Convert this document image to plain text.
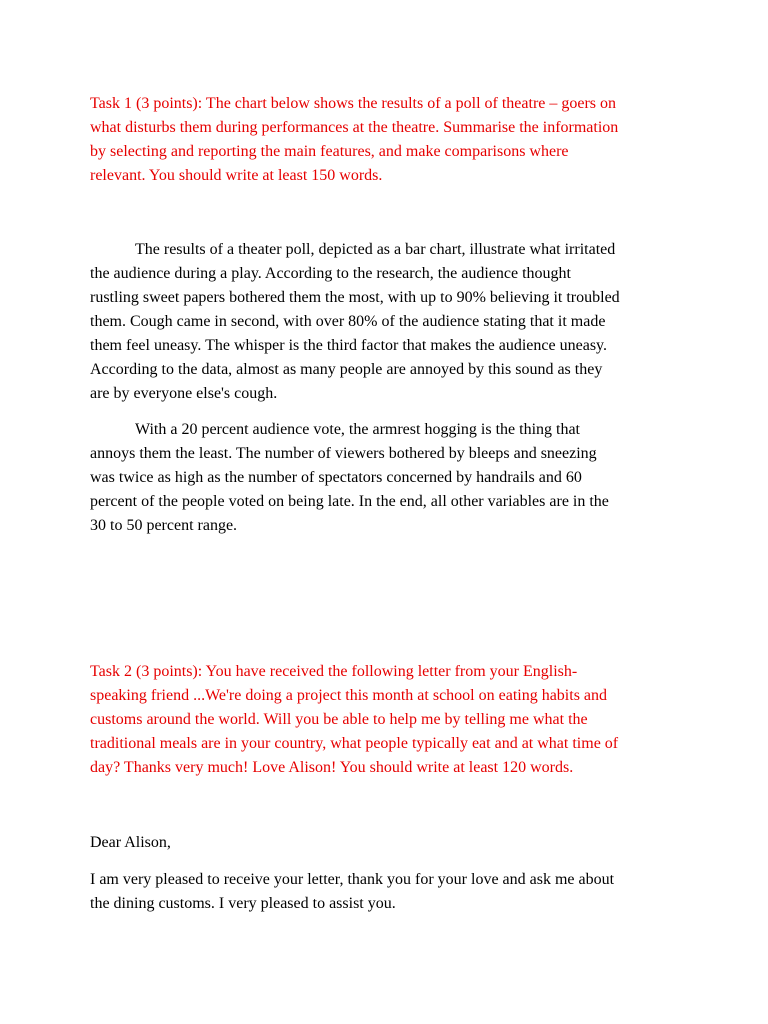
Task 1 (3 points): The chart below shows the results of a poll of theatre – goers on
what disturbs them during performances at the theatre. Summarise the information
by selecting and reporting the main features, and make comparisons where
relevant. You should write at least 150 words.

The results of a theater poll, depicted as a bar chart, illustrate what irritated
the audience during a play. According to the research, the audience thought
rustling sweet papers bothered them the most, with up to 90% believing it troubled
them. Cough came in second, with over 80% of the audience stating that it made
them feel uneasy. The whisper is the third factor that makes the audience uneasy.
According to the data, almost as many people are annoyed by this sound as they
are by everyone else's cough.

With a 20 percent audience vote, the armrest hogging is the thing that
annoys them the least. The number of viewers bothered by bleeps and sneezing
was twice as high as the number of spectators concerned by handrails and 60
percent of the people voted on being late. In the end, all other variables are in the
30 to 50 percent range.

Task 2 (3 points): You have received the following letter from your English-
speaking friend ...We're doing a project this month at school on eating habits and
customs around the world. Will you be able to help me by telling me what the
traditional meals are in your country, what people typically eat and at what time of
day? Thanks very much! Love Alison! You should write at least 120 words.

Dear Alison,

I am very pleased to receive your letter, thank you for your love and ask me about
the dining customs. I very pleased to assist you.
